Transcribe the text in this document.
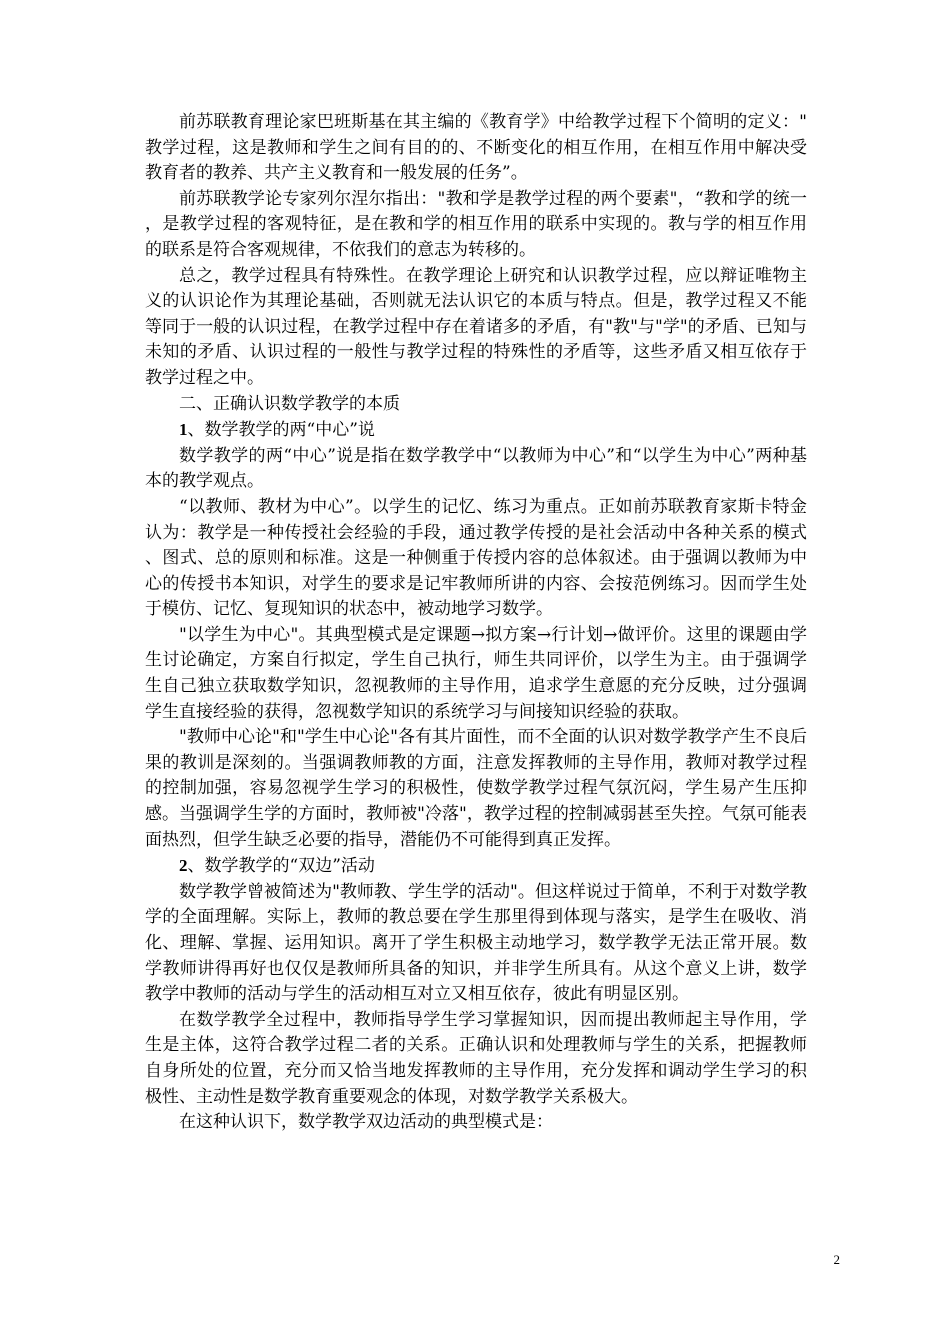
前苏联教育理论家巴班斯基在其主编的《教育学》中给教学过程下个简明的定义："教学过程，这是教师和学生之间有目的的、不断变化的相互作用，在相互作用中解决受教育者的教养、共产主义教育和一般发展的任务”。

前苏联教学论专家列尔涅尔指出："教和学是教学过程的两个要素"，“教和学的统一，是教学过程的客观特征，是在教和学的相互作用的联系中实现的。教与学的相互作用的联系是符合客观规律，不依我们的意志为转移的。

总之，教学过程具有特殊性。在教学理论上研究和认识教学过程，应以辩证唯物主义的认识论作为其理论基础，否则就无法认识它的本质与特点。但是，教学过程又不能等同于一般的认识过程，在教学过程中存在着诸多的矛盾，有"教"与"学"的矛盾、已知与未知的矛盾、认识过程的一般性与教学过程的特殊性的矛盾等，这些矛盾又相互依存于教学过程之中。

二、正确认识数学教学的本质

1、数学教学的两“中心”说

数学教学的两“中心”说是指在数学教学中“以教师为中心”和“以学生为中心”两种基本的教学观点。

“以教师、教材为中心”。以学生的记忆、练习为重点。正如前苏联教育家斯卡特金认为：教学是一种传授社会经验的手段，通过教学传授的是社会活动中各种关系的模式、图式、总的原则和标准。这是一种侧重于传授内容的总体叙述。由于强调以教师为中心的传授书本知识，对学生的要求是记牢教师所讲的内容、会按范例练习。因而学生处于模仿、记忆、复现知识的状态中，被动地学习数学。

"以学生为中心"。其典型模式是定课题→拟方案→行计划→做评价。这里的课题由学生讨论确定，方案自行拟定，学生自己执行，师生共同评价，以学生为主。由于强调学生自己独立获取数学知识，忽视教师的主导作用，追求学生意愿的充分反映，过分强调学生直接经验的获得，忽视数学知识的系统学习与间接知识经验的获取。

"教师中心论"和"学生中心论"各有其片面性，而不全面的认识对数学教学产生不良后果的教训是深刻的。当强调教师教的方面，注意发挥教师的主导作用，教师对教学过程的控制加强，容易忽视学生学习的积极性，使数学教学过程气氛沉闷，学生易产生压抑感。当强调学生学的方面时，教师被"冷落"，教学过程的控制减弱甚至失控。气氛可能表面热烈，但学生缺乏必要的指导，潜能仍不可能得到真正发挥。

2、数学教学的“双边”活动

数学教学曾被简述为"教师教、学生学的活动"。但这样说过于简单，不利于对数学教学的全面理解。实际上，教师的教总要在学生那里得到体现与落实，是学生在吸收、消化、理解、掌握、运用知识。离开了学生积极主动地学习，数学教学无法正常开展。数学教师讲得再好也仅仅是教师所具备的知识，并非学生所具有。从这个意义上讲，数学教学中教师的活动与学生的活动相互对立又相互依存，彼此有明显区别。

在数学教学全过程中，教师指导学生学习掌握知识，因而提出教师起主导作用，学生是主体，这符合教学过程二者的关系。正确认识和处理教师与学生的关系，把握教师自身所处的位置，充分而又恰当地发挥教师的主导作用，充分发挥和调动学生学习的积极性、主动性是数学教育重要观念的体现，对数学教学关系极大。

在这种认识下，数学教学双边活动的典型模式是：

2
